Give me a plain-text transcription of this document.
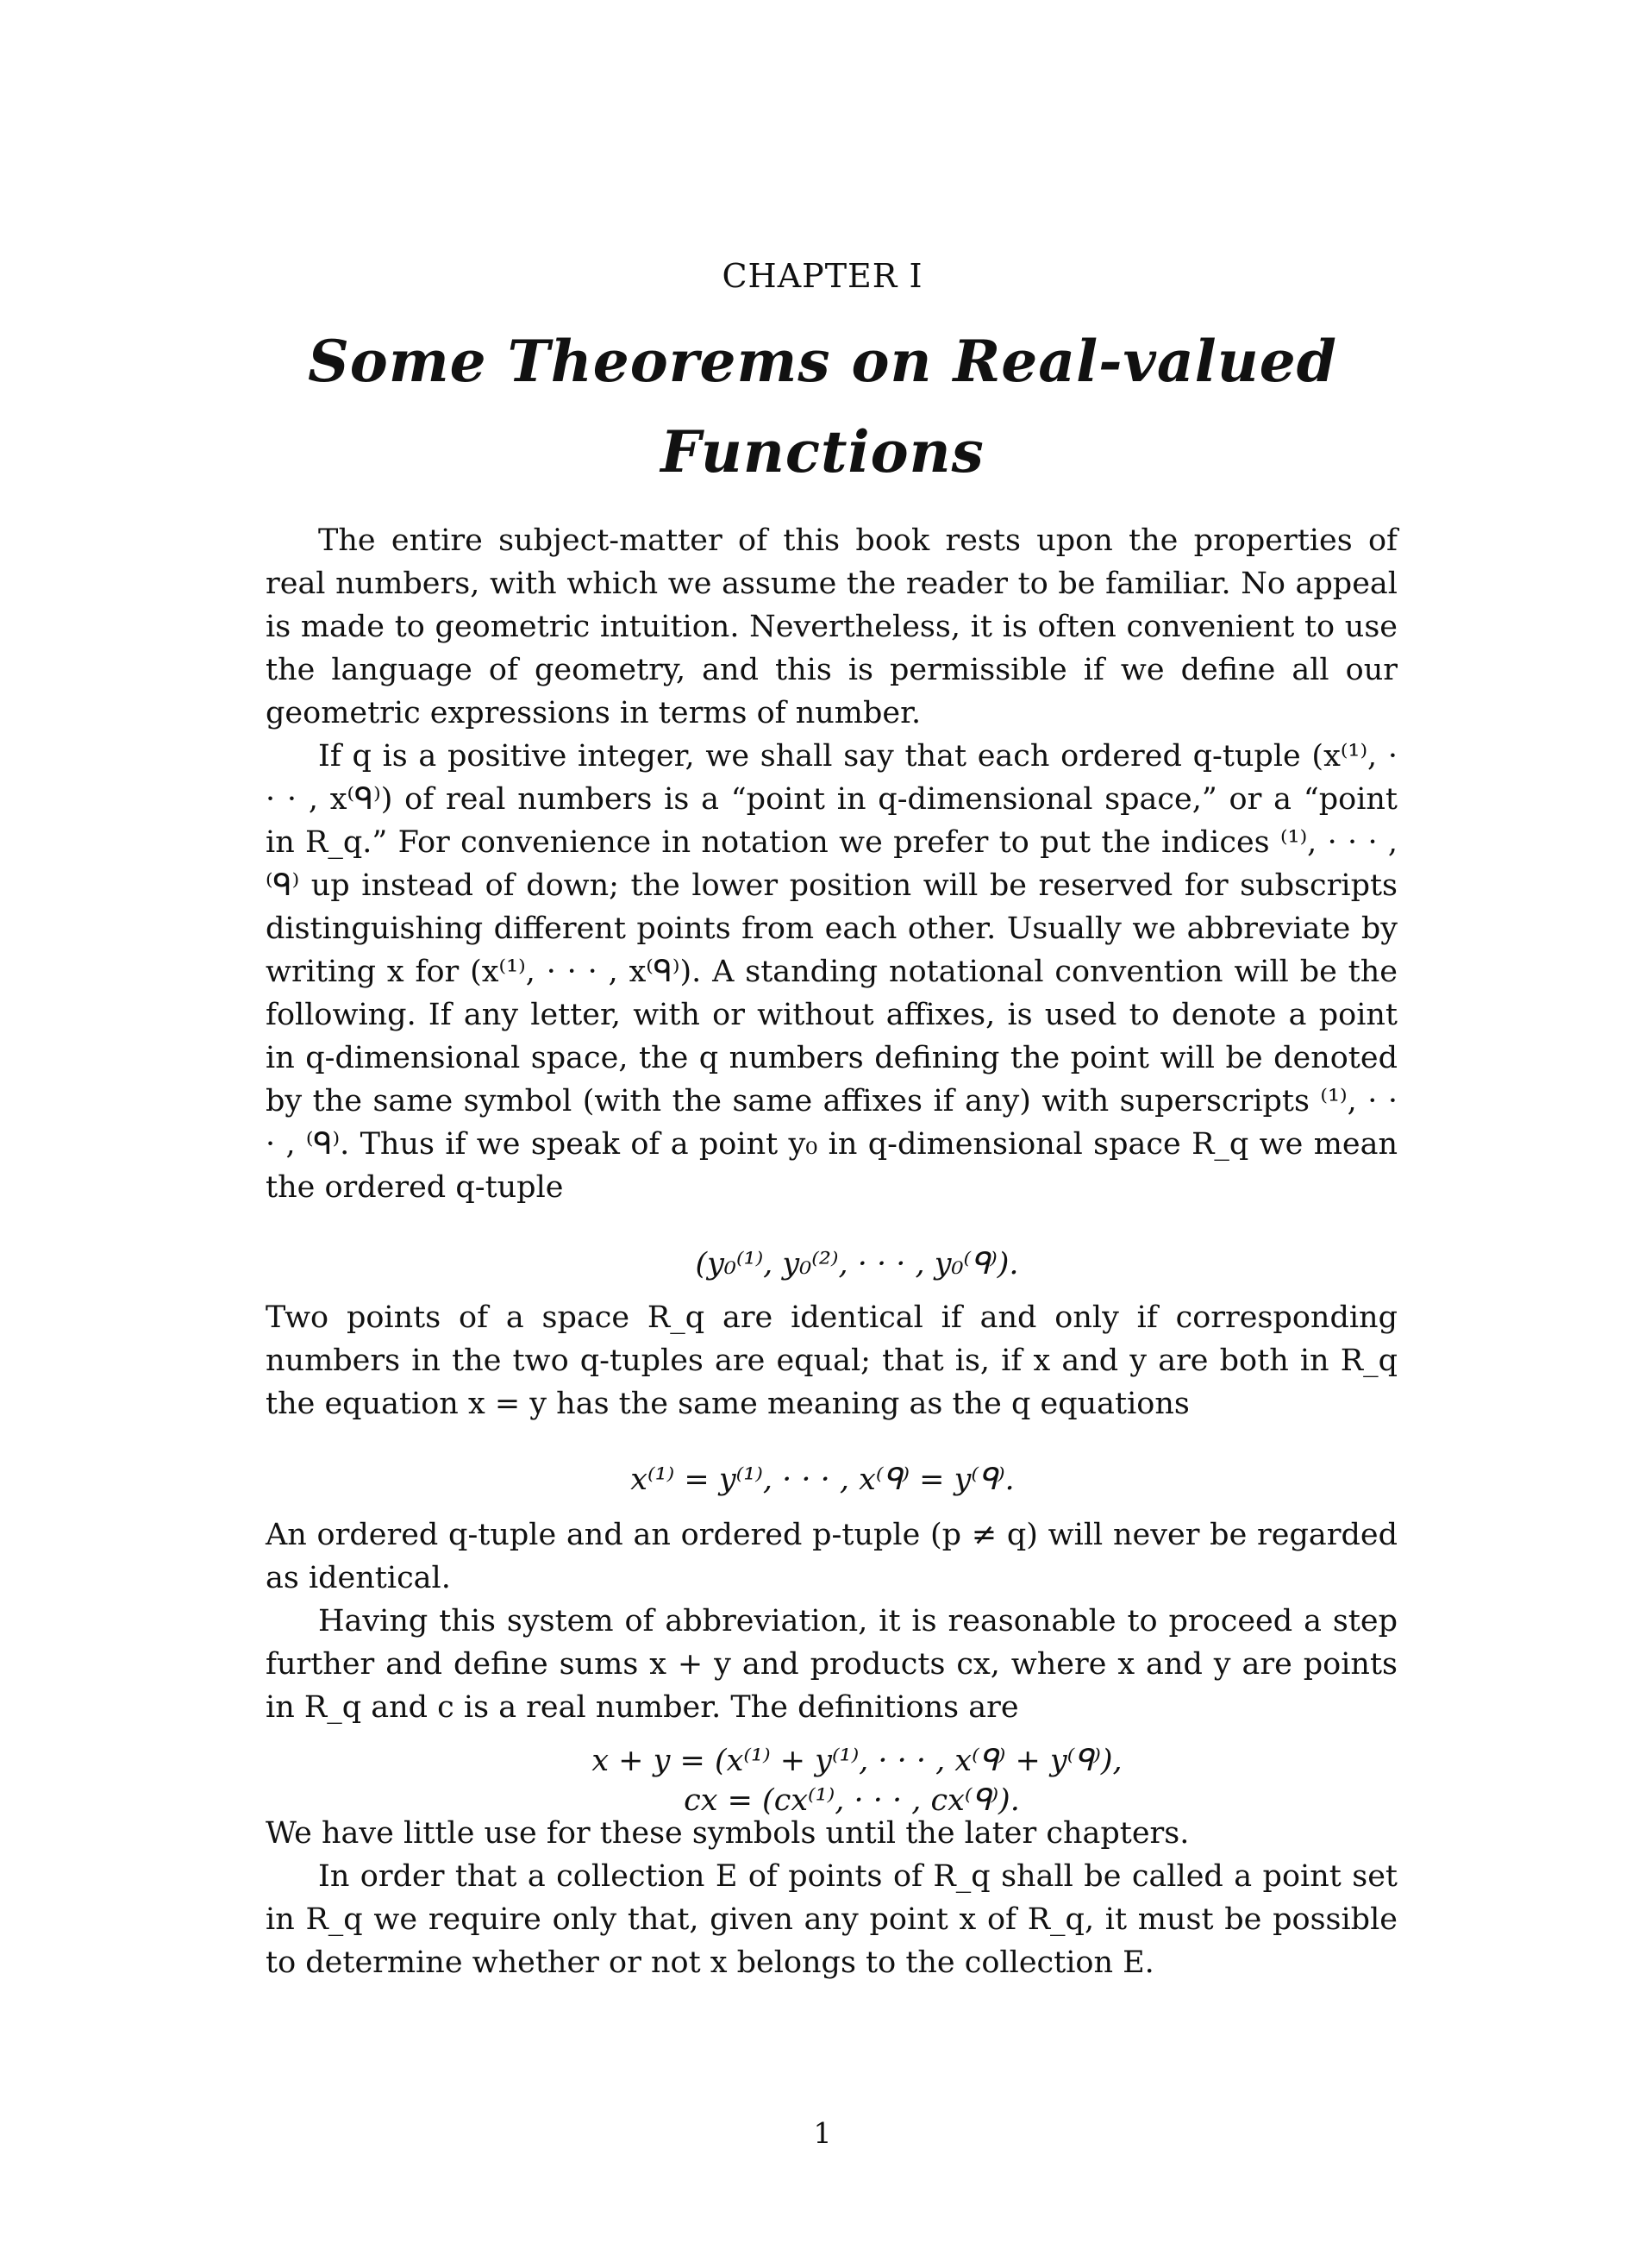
CHAPTER I
Some Theorems on Real-valued
Functions

The entire subject-matter of this book rests upon the properties of real numbers, with which we assume the reader to be familiar. No appeal is made to geometric intuition. Nevertheless, it is often convenient to use the language of geometry, and this is permissible if we define all our geometric expressions in terms of number.

If q is a positive integer, we shall say that each ordered q-tuple (x⁽¹⁾, · · · , x⁽ᑫ⁾) of real numbers is a “point in q-dimensional space,” or a “point in R_q.” For convenience in notation we prefer to put the indices ⁽¹⁾, · · · , ⁽ᑫ⁾ up instead of down; the lower position will be reserved for subscripts distinguishing different points from each other. Usually we abbreviate by writing x for (x⁽¹⁾, · · · , x⁽ᑫ⁾). A standing notational convention will be the following. If any letter, with or without affixes, is used to denote a point in q-dimensional space, the q numbers defining the point will be denoted by the same symbol (with the same affixes if any) with superscripts ⁽¹⁾, · · · , ⁽ᑫ⁾. Thus if we speak of a point y₀ in q-dimensional space R_q we mean the ordered q-tuple

(y₀⁽¹⁾, y₀⁽²⁾, · · · , y₀⁽ᑫ⁾).

Two points of a space R_q are identical if and only if corresponding numbers in the two q-tuples are equal; that is, if x and y are both in R_q the equation x = y has the same meaning as the q equations

x⁽¹⁾ = y⁽¹⁾, · · · , x⁽ᑫ⁾ = y⁽ᑫ⁾.

An ordered q-tuple and an ordered p-tuple (p ≠ q) will never be regarded as identical.

Having this system of abbreviation, it is reasonable to proceed a step further and define sums x + y and products cx, where x and y are points in R_q and c is a real number. The definitions are

x + y = (x⁽¹⁾ + y⁽¹⁾, · · · , x⁽ᑫ⁾ + y⁽ᑫ⁾),
cx = (cx⁽¹⁾, · · · , cx⁽ᑫ⁾).

We have little use for these symbols until the later chapters.

In order that a collection E of points of R_q shall be called a point set in R_q we require only that, given any point x of R_q, it must be possible to determine whether or not x belongs to the collection E.

1
